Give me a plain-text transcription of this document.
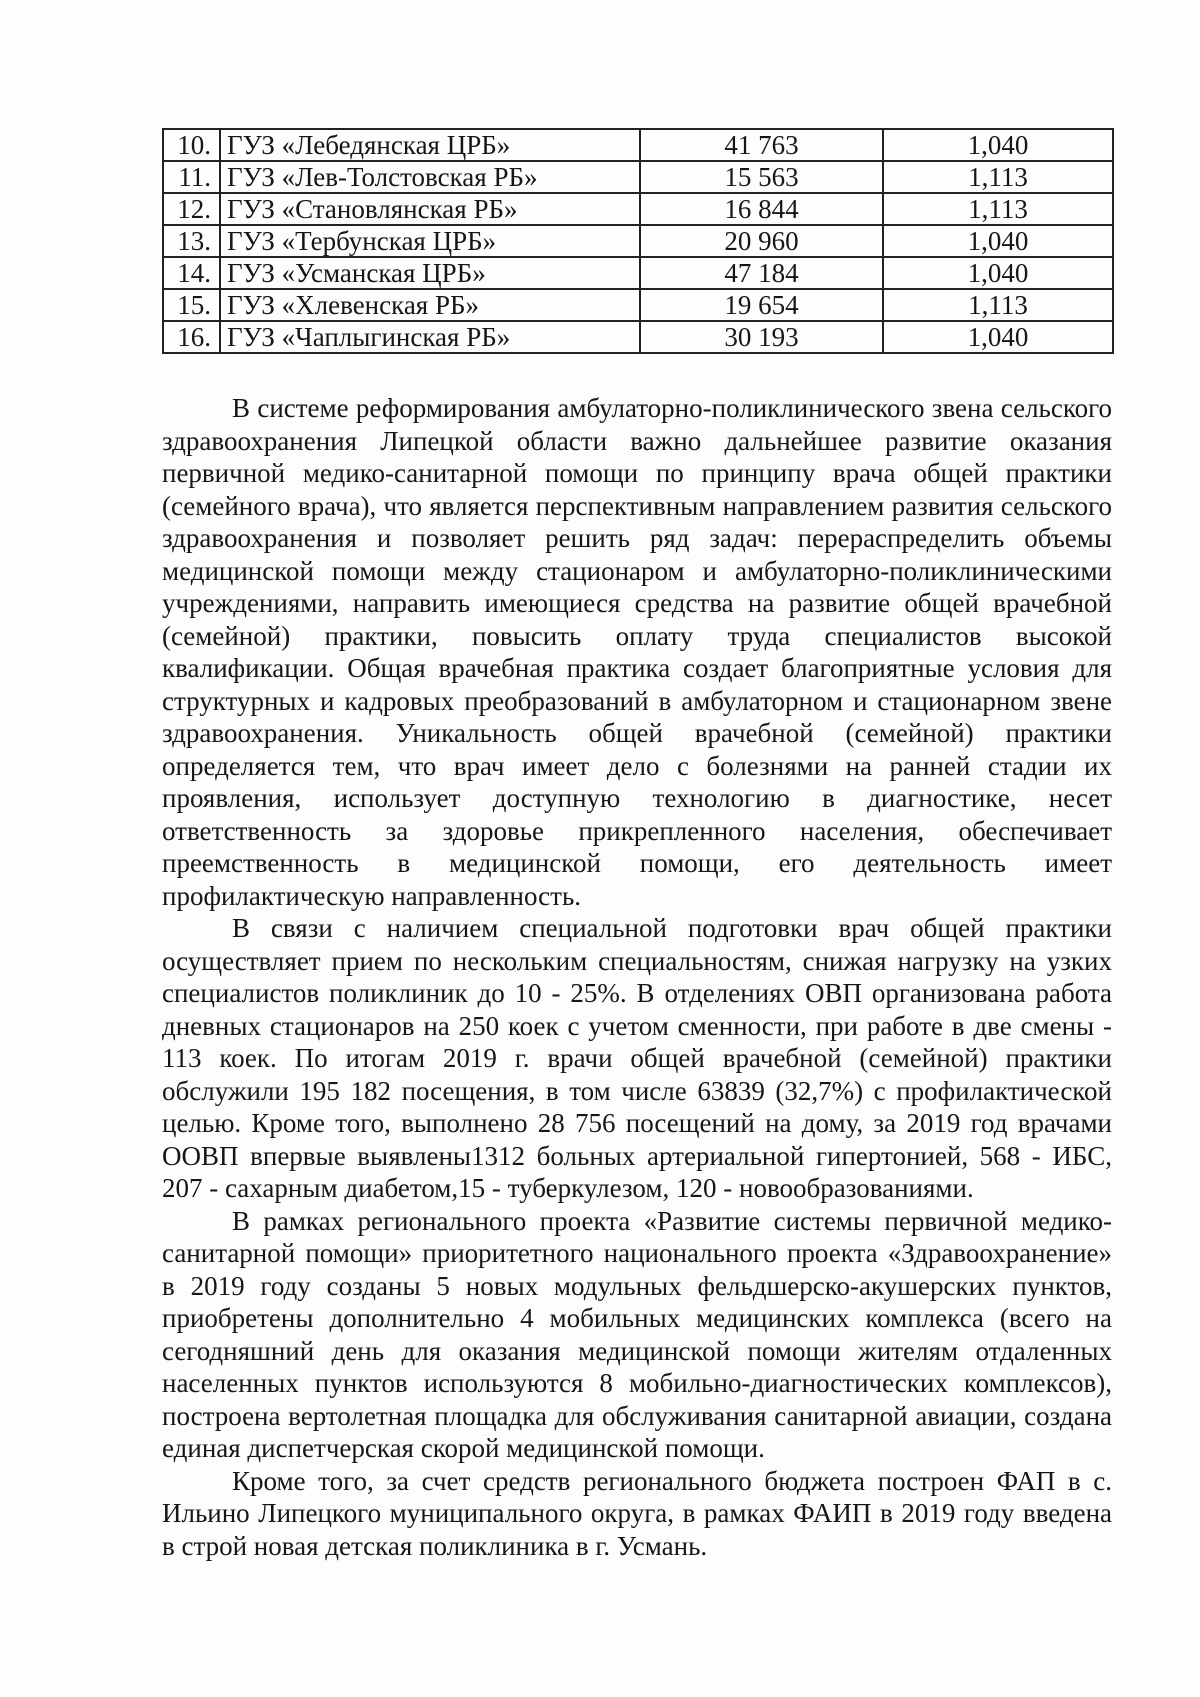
10.	ГУЗ «Лебедянская ЦРБ»	41 763	1,040
11.	ГУЗ «Лев-Толстовская РБ»	15 563	1,113
12.	ГУЗ «Становлянская РБ»	16 844	1,113
13.	ГУЗ «Тербунская ЦРБ»	20 960	1,040
14.	ГУЗ «Усманская ЦРБ»	47 184	1,040
15.	ГУЗ «Хлевенская РБ»	19 654	1,113
16.	ГУЗ «Чаплыгинская РБ»	30 193	1,040

В системе реформирования амбулаторно-поликлинического звена сельского здравоохранения Липецкой области важно дальнейшее развитие оказания первичной медико-санитарной помощи по принципу врача общей практики (семейного врача), что является перспективным направлением развития сельского здравоохранения и позволяет решить ряд задач: перераспределить объемы медицинской помощи между стационаром и амбулаторно-поликлиническими учреждениями, направить имеющиеся средства на развитие общей врачебной (семейной) практики, повысить оплату труда специалистов высокой квалификации. Общая врачебная практика создает благоприятные условия для структурных и кадровых преобразований в амбулаторном и стационарном звене здравоохранения. Уникальность общей врачебной (семейной) практики определяется тем, что врач имеет дело с болезнями на ранней стадии их проявления, использует доступную технологию в диагностике, несет ответственность за здоровье прикрепленного населения, обеспечивает преемственность в медицинской помощи, его деятельность имеет профилактическую направленность.

В связи с наличием специальной подготовки врач общей практики осуществляет прием по нескольким специальностям, снижая нагрузку на узких специалистов поликлиник до 10 - 25%. В отделениях ОВП организована работа дневных стационаров на 250 коек с учетом сменности, при работе в две смены - 113 коек. По итогам 2019 г. врачи общей врачебной (семейной) практики обслужили 195 182 посещения, в том числе 63839 (32,7%) с профилактической целью. Кроме того, выполнено 28 756 посещений на дому, за 2019 год врачами ООВП впервые выявлены1312 больных артериальной гипертонией, 568 - ИБС, 207 - сахарным диабетом,15 - туберкулезом, 120 - новообразованиями.

В рамках регионального проекта «Развитие системы первичной медико-санитарной помощи» приоритетного национального проекта «Здравоохранение» в 2019 году созданы 5 новых модульных фельдшерско-акушерских пунктов, приобретены дополнительно 4 мобильных медицинских комплекса (всего на сегодняшний день для оказания медицинской помощи жителям отдаленных населенных пунктов используются 8 мобильно-диагностических комплексов), построена вертолетная площадка для обслуживания санитарной авиации, создана единая диспетчерская скорой медицинской помощи.

Кроме того, за счет средств регионального бюджета построен ФАП в с. Ильино Липецкого муниципального округа, в рамках ФАИП в 2019 году введена в строй новая детская поликлиника в г. Усмань.
